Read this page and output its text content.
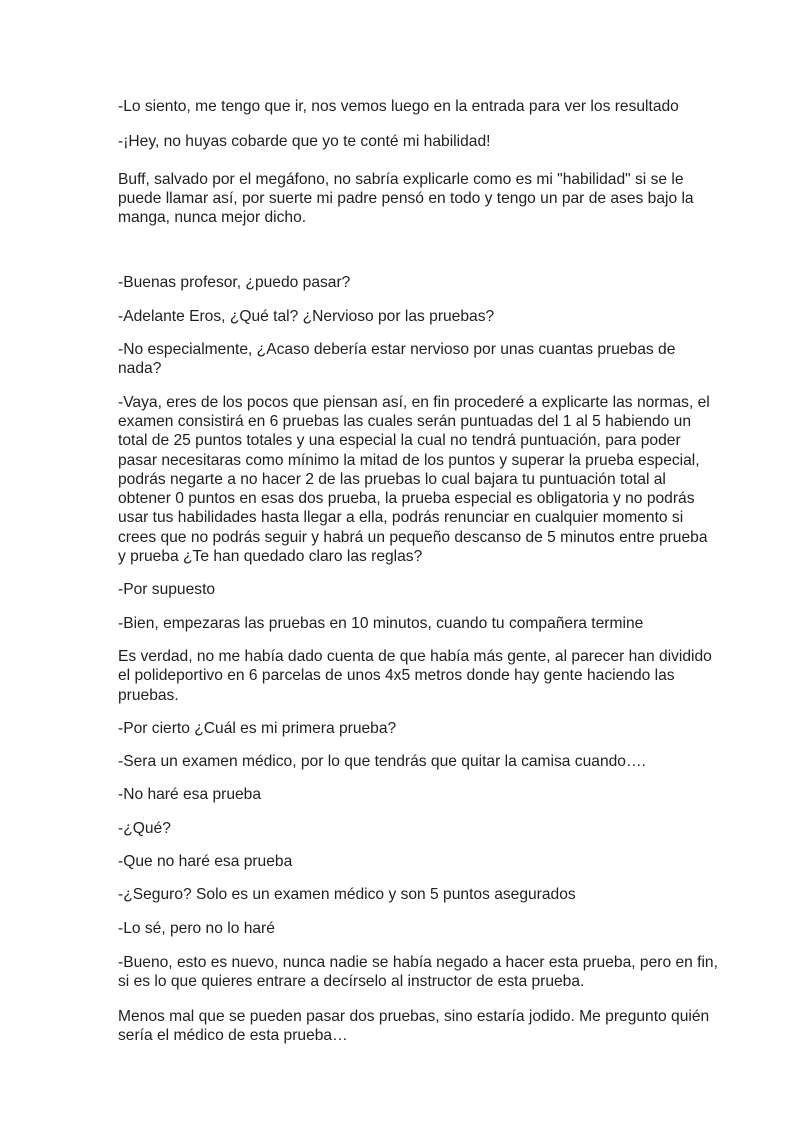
-Lo siento, me tengo que ir, nos vemos luego en la entrada para ver los resultado

-¡Hey, no huyas cobarde que yo te conté mi habilidad!

Buff, salvado por el megáfono, no sabría explicarle como es mi "habilidad" si se le puede llamar así, por suerte mi padre pensó en todo y tengo un par de ases bajo la manga, nunca mejor dicho.

-Buenas profesor, ¿puedo pasar?

-Adelante Eros, ¿Qué tal? ¿Nervioso por las pruebas?

-No especialmente, ¿Acaso debería estar nervioso por unas cuantas pruebas de nada?

-Vaya, eres de los pocos que piensan así, en fin procederé a explicarte las normas, el examen consistirá en 6 pruebas las cuales serán puntuadas del 1 al 5 habiendo un total de 25 puntos totales y una especial la cual no tendrá puntuación, para poder pasar necesitaras como mínimo la mitad de los puntos y superar la prueba especial, podrás negarte a no hacer 2 de las pruebas lo cual bajara tu puntuación total al obtener 0 puntos en esas dos prueba, la prueba especial es obligatoria y no podrás usar tus habilidades hasta llegar a ella, podrás renunciar en cualquier momento si crees que no podrás seguir y habrá un pequeño descanso de 5 minutos entre prueba y prueba ¿Te han quedado claro las reglas?

-Por supuesto

-Bien, empezaras las pruebas en 10 minutos, cuando tu compañera termine

Es verdad, no me había dado cuenta de que había más gente, al parecer han dividido el polideportivo en 6 parcelas de unos 4x5 metros donde hay gente haciendo las pruebas.

-Por cierto ¿Cuál es mi primera prueba?

-Sera un examen médico, por lo que tendrás que quitar la camisa cuando….

-No haré esa prueba

-¿Qué?

-Que no haré esa prueba

-¿Seguro? Solo es un examen médico y son 5 puntos asegurados

-Lo sé, pero no lo haré

-Bueno, esto es nuevo, nunca nadie se había negado a hacer esta prueba, pero en fin, si es lo que quieres entrare a decírselo al instructor de esta prueba.

Menos mal que se pueden pasar dos pruebas, sino estaría jodido. Me pregunto quién sería el médico de esta prueba…
